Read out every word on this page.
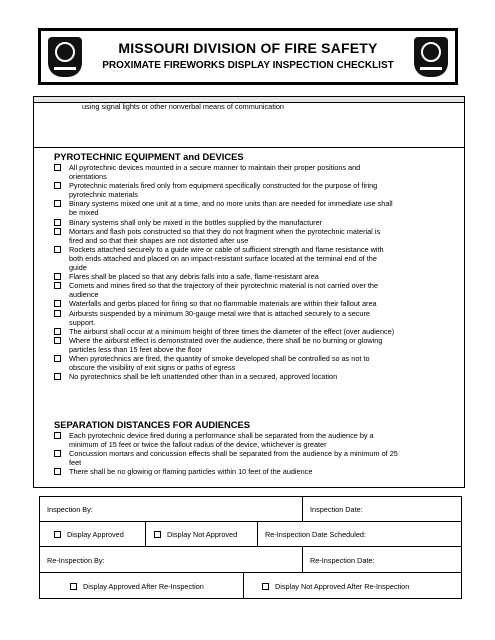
MISSOURI DIVISION OF FIRE SAFETY
PROXIMATE FIREWORKS DISPLAY INSPECTION CHECKLIST
using signal lights or other nonverbal means of communication
PYROTECHNIC EQUIPMENT and DEVICES
All pyrotechnic devices mounted in a secure manner to maintain their proper positions and
orientations
Pyrotechnic materials fired only from equipment specifically constructed for the purpose of firing
pyrotechnic materials
Binary systems mixed one unit at a time, and no more units than are needed for immediate use shall
be mixed
Binary systems shall only be mixed in the bottles supplied by the manufacturer
Mortars and flash pots constructed so that they do not fragment when the pyrotechnic material is
fired and so that their shapes are not distorted after use
Rockets attached securely to a guide wire or cable of sufficient strength and flame resistance with
both ends attached and placed on an impact-resistant surface located at the terminal end of the
guide
Flares shall be placed so that any debris falls into a safe, flame-resistant area
Comets and mines fired so that the trajectory of their pyrotechnic material is not carried over the
audience
Waterfalls and gerbs placed for firing so that no flammable materials are within their fallout area
Airbursts suspended by a minimum 30-gauge metal wire that is attached securely to a secure
support.
The airburst shall occur at a minimum height of three times the diameter of the effect (over audience)
Where the airburst effect is demonstrated over the audience, there shall be no burning or glowing
particles less than 15 feet above the floor
When pyrotechnics are fired, the quantity of smoke developed shall be controlled so as not to
obscure the visibility of exit signs or paths of egress
No pyrotechnics shall be left unattended other than in a secured, approved location
SEPARATION DISTANCES FOR AUDIENCES
Each pyrotechnic device fired during a performance shall be separated from the audience by a
minimum of 15 feet or twice the fallout radius of the device, whichever is greater
Concussion mortars and concussion effects shall be separated from the audience by a minimum of 25
feet
There shall be no glowing or flaming particles within 10 feet of the audience
Inspection By:	Inspection Date:
Display Approved	Display Not Approved	Re-Inspection Date Scheduled:
Re-Inspection By:	Re-Inspection Date:
Display Approved After Re-Inspection	Display Not Approved After Re-Inspection
